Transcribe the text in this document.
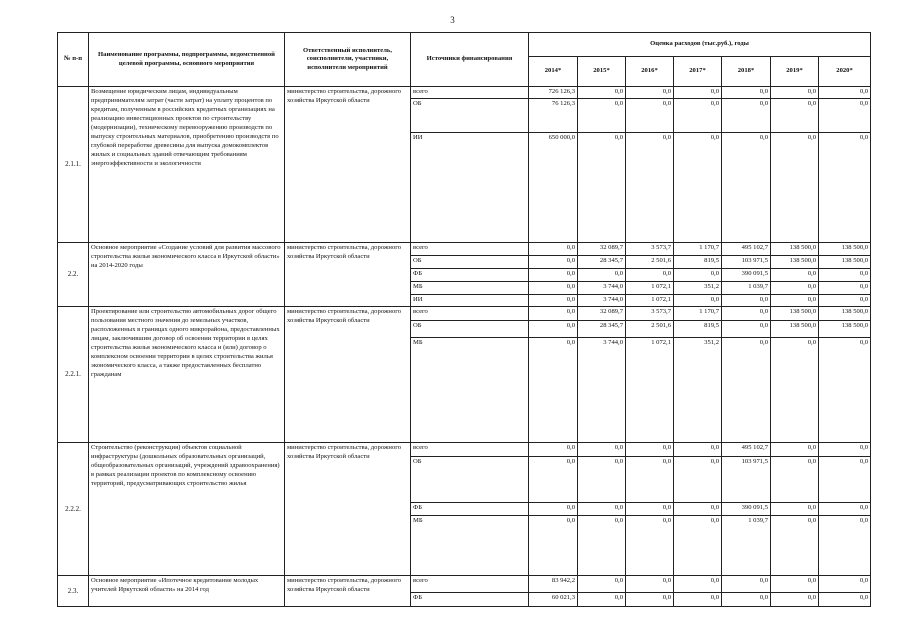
3
№ п-п	Наименование программы, подпрограммы, ведомственной целевой программы, основного мероприятия	Ответственный исполнитель, соисполнители, участники, исполнители мероприятий	Источники финансирования	Оценка расходов (тыс.руб.), годы						
				2014*	2015*	2016*	2017*	2018*	2019*	2020*
2.1.1.	Возмещение юридическим лицам, индивидуальным предпринимателям затрат (части затрат) на уплату процентов по кредитам, полученным в российских кредитных организациях на реализацию инвестиционных проектов по строительству (модернизации), техническому перевооружению производств по выпуску строительных материалов, приобретению производств по глубокой переработке древесины для выпуска домокомплектов жилых и социальных зданий отвечающим требованиям энергоэффективности и экологичности	министерство строительства, дорожного хозяйства Иркутской области	всего	726 126,3	0,0	0,0	0,0	0,0	0,0	0,0
			ОБ	76 126,3	0,0	0,0	0,0	0,0	0,0	0,0
			ИИ	650 000,0	0,0	0,0	0,0	0,0	0,0	0,0
2.2.	Основное мероприятие «Создание условий для развития массового строительства жилья экономического класса в Иркутской области» на 2014-2020 годы	министерство строительства, дорожного хозяйства Иркутской области	всего	0,0	32 089,7	3 573,7	1 170,7	495 102,7	138 500,0	138 500,0
			ОБ	0,0	28 345,7	2 501,6	819,5	103 971,5	138 500,0	138 500,0
			ФБ	0,0	0,0	0,0	0,0	390 091,5	0,0	0,0
			МБ	0,0	3 744,0	1 072,1	351,2	1 039,7	0,0	0,0
			ИИ	0,0	3 744,0	1 072,1	0,0	0,0	0,0	0,0
2.2.1.	Проектирование или строительство автомобильных дорог общего пользования местного значения до земельных участков, расположенных в границах одного микрорайона, предоставленных лицам, заключившим договор об освоении территории в целях строительства жилья экономического класса и (или) договор о комплексном освоении территории в целях строительства жилья экономического класса, а также предоставленных бесплатно гражданам	министерство строительства, дорожного хозяйства Иркутской области	всего	0,0	32 089,7	3 573,7	1 170,7	0,0	138 500,0	138 500,0
			ОБ	0,0	28 345,7	2 501,6	819,5	0,0	138 500,0	138 500,0
			МБ	0,0	3 744,0	1 072,1	351,2	0,0	0,0	0,0
2.2.2.	Строительство (реконструкция) объектов социальной инфраструктуры (дошкольных образовательных организаций, общеобразовательных организаций, учреждений здравоохранения) в рамках реализации проектов по комплексному освоению территорий, предусматривающих строительство жилья	министерство строительства, дорожного хозяйства Иркутской области	всего	0,0	0,0	0,0	0,0	495 102,7	0,0	0,0
			ОБ	0,0	0,0	0,0	0,0	103 971,5	0,0	0,0
			ФБ	0,0	0,0	0,0	0,0	390 091,5	0,0	0,0
			МБ	0,0	0,0	0,0	0,0	1 039,7	0,0	0,0
2.3.	Основное мероприятие «Ипотечное кредитование молодых учителей Иркутской области» на 2014 год	министерство строительства, дорожного хозяйства Иркутской области	всего	83 942,2	0,0	0,0	0,0	0,0	0,0	0,0
			ФБ	60 021,3	0,0	0,0	0,0	0,0	0,0	0,0
